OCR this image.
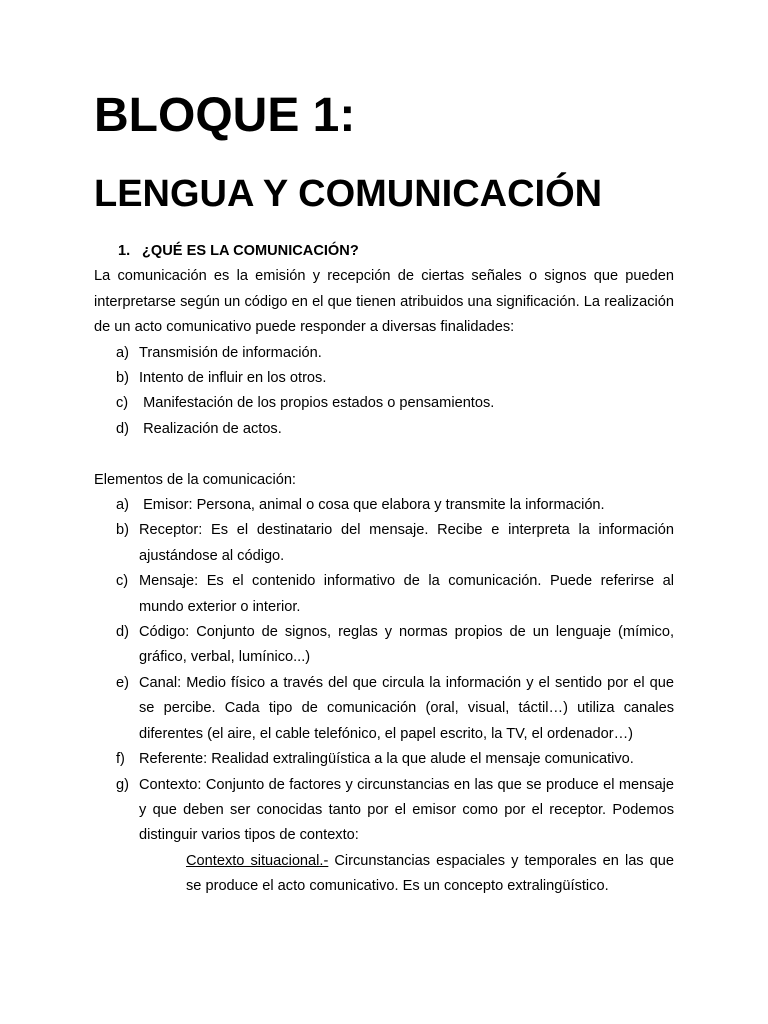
BLOQUE 1:
LENGUA Y COMUNICACIÓN
1. ¿QUÉ ES LA COMUNICACIÓN?
La comunicación es la emisión y recepción de ciertas señales o signos que pueden interpretarse según un código en el que tienen atribuidos una significación. La realización de un acto comunicativo puede responder a diversas finalidades:
a) Transmisión de información.
b) Intento de influir en los otros.
c) Manifestación de los propios estados o pensamientos.
d) Realización de actos.
Elementos de la comunicación:
a) Emisor: Persona, animal o cosa que elabora y transmite la información.
b) Receptor: Es el destinatario del mensaje. Recibe e interpreta la información ajustándose al código.
c) Mensaje: Es el contenido informativo de la comunicación. Puede referirse al mundo exterior o interior.
d) Código: Conjunto de signos, reglas y normas propios de un lenguaje (mímico, gráfico, verbal, lumínico...)
e) Canal: Medio físico a través del que circula la información y el sentido por el que se percibe. Cada tipo de comunicación (oral, visual, táctil…) utiliza canales diferentes (el aire, el cable telefónico, el papel escrito, la TV, el ordenador…)
f) Referente: Realidad extralingüística a la que alude el mensaje comunicativo.
g) Contexto: Conjunto de factores y circunstancias en las que se produce el mensaje y que deben ser conocidas tanto por el emisor como por el receptor. Podemos distinguir varios tipos de contexto:
Contexto situacional.- Circunstancias espaciales y temporales en las que se produce el acto comunicativo. Es un concepto extralingüístico.
